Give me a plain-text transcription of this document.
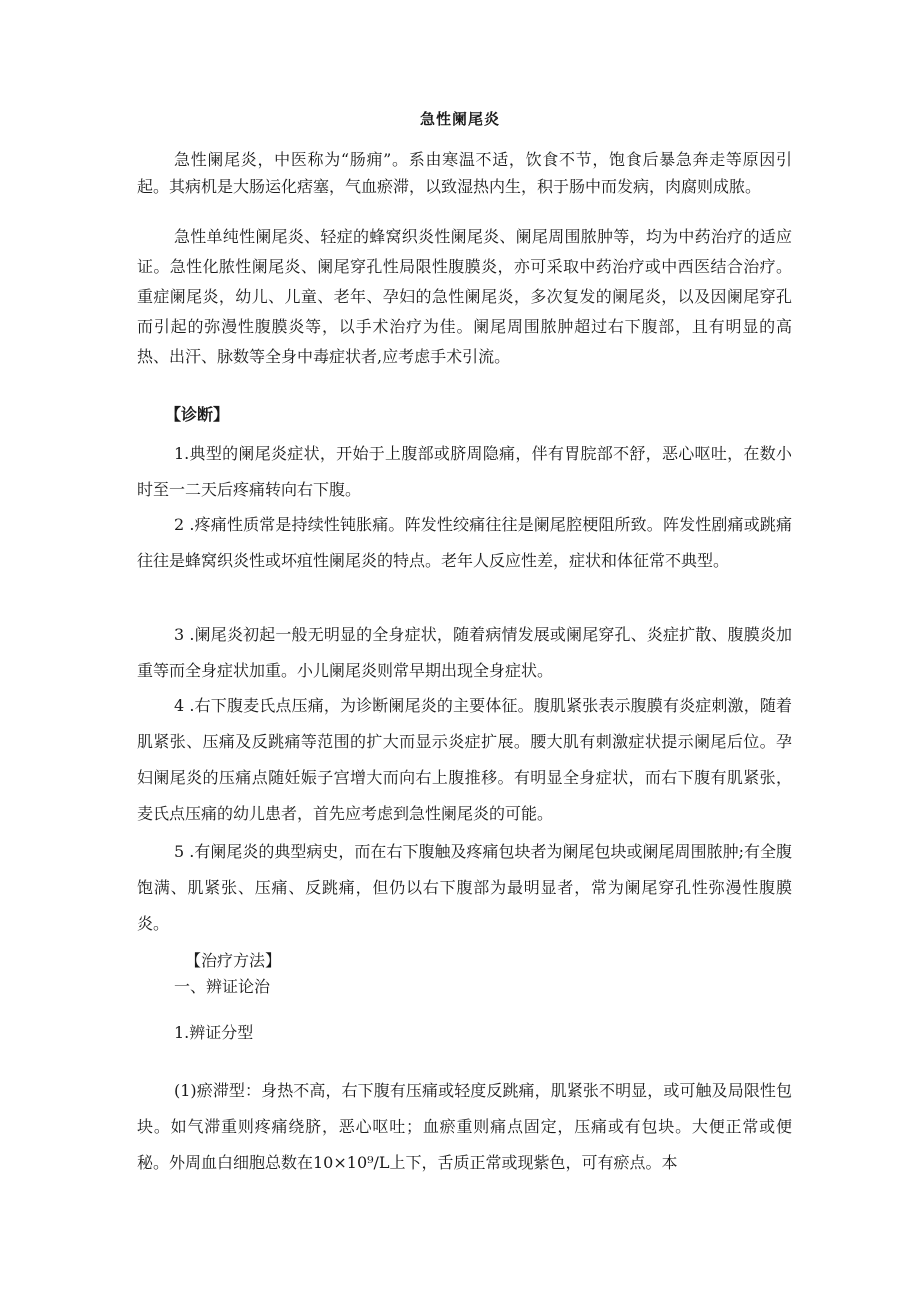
急性阑尾炎

急性阑尾炎，中医称为“肠痈”。系由寒温不适，饮食不节，饱食后暴急奔走等原因引起。其病机是大肠运化痞塞，气血瘀滞，以致湿热内生，积于肠中而发病，肉腐则成脓。

急性单纯性阑尾炎、轻症的蜂窝织炎性阑尾炎、阑尾周围脓肿等，均为中药治疗的适应证。急性化脓性阑尾炎、阑尾穿孔性局限性腹膜炎，亦可采取中药治疗或中西医结合治疗。重症阑尾炎，幼儿、儿童、老年、孕妇的急性阑尾炎，多次复发的阑尾炎，以及因阑尾穿孔而引起的弥漫性腹膜炎等，以手术治疗为佳。阑尾周围脓肿超过右下腹部，且有明显的高热、出汗、脉数等全身中毒症状者,应考虑手术引流。

【诊断】

1.典型的阑尾炎症状，开始于上腹部或脐周隐痛，伴有胃脘部不舒，恶心呕吐，在数小时至一二天后疼痛转向右下腹。

2 .疼痛性质常是持续性钝胀痛。阵发性绞痛往往是阑尾腔梗阻所致。阵发性剧痛或跳痛往往是蜂窝织炎性或坏疽性阑尾炎的特点。老年人反应性差，症状和体征常不典型。

3 .阑尾炎初起一般无明显的全身症状，随着病情发展或阑尾穿孔、炎症扩散、腹膜炎加重等而全身症状加重。小儿阑尾炎则常早期出现全身症状。

4 .右下腹麦氏点压痛，为诊断阑尾炎的主要体征。腹肌紧张表示腹膜有炎症刺激，随着肌紧张、压痛及反跳痛等范围的扩大而显示炎症扩展。腰大肌有刺激症状提示阑尾后位。孕妇阑尾炎的压痛点随妊娠子宫增大而向右上腹推移。有明显全身症状，而右下腹有肌紧张，麦氏点压痛的幼儿患者，首先应考虑到急性阑尾炎的可能。

5 .有阑尾炎的典型病史，而在右下腹触及疼痛包块者为阑尾包块或阑尾周围脓肿;有全腹饱满、肌紧张、压痛、反跳痛，但仍以右下腹部为最明显者，常为阑尾穿孔性弥漫性腹膜炎。

【治疗方法】
一、辨证论治
1.辨证分型

(1)瘀滞型：身热不高，右下腹有压痛或轻度反跳痛，肌紧张不明显，或可触及局限性包块。如气滞重则疼痛绕脐，恶心呕吐；血瘀重则痛点固定，压痛或有包块。大便正常或便秘。外周血白细胞总数在10×10⁹/L上下，舌质正常或现紫色，可有瘀点。本
